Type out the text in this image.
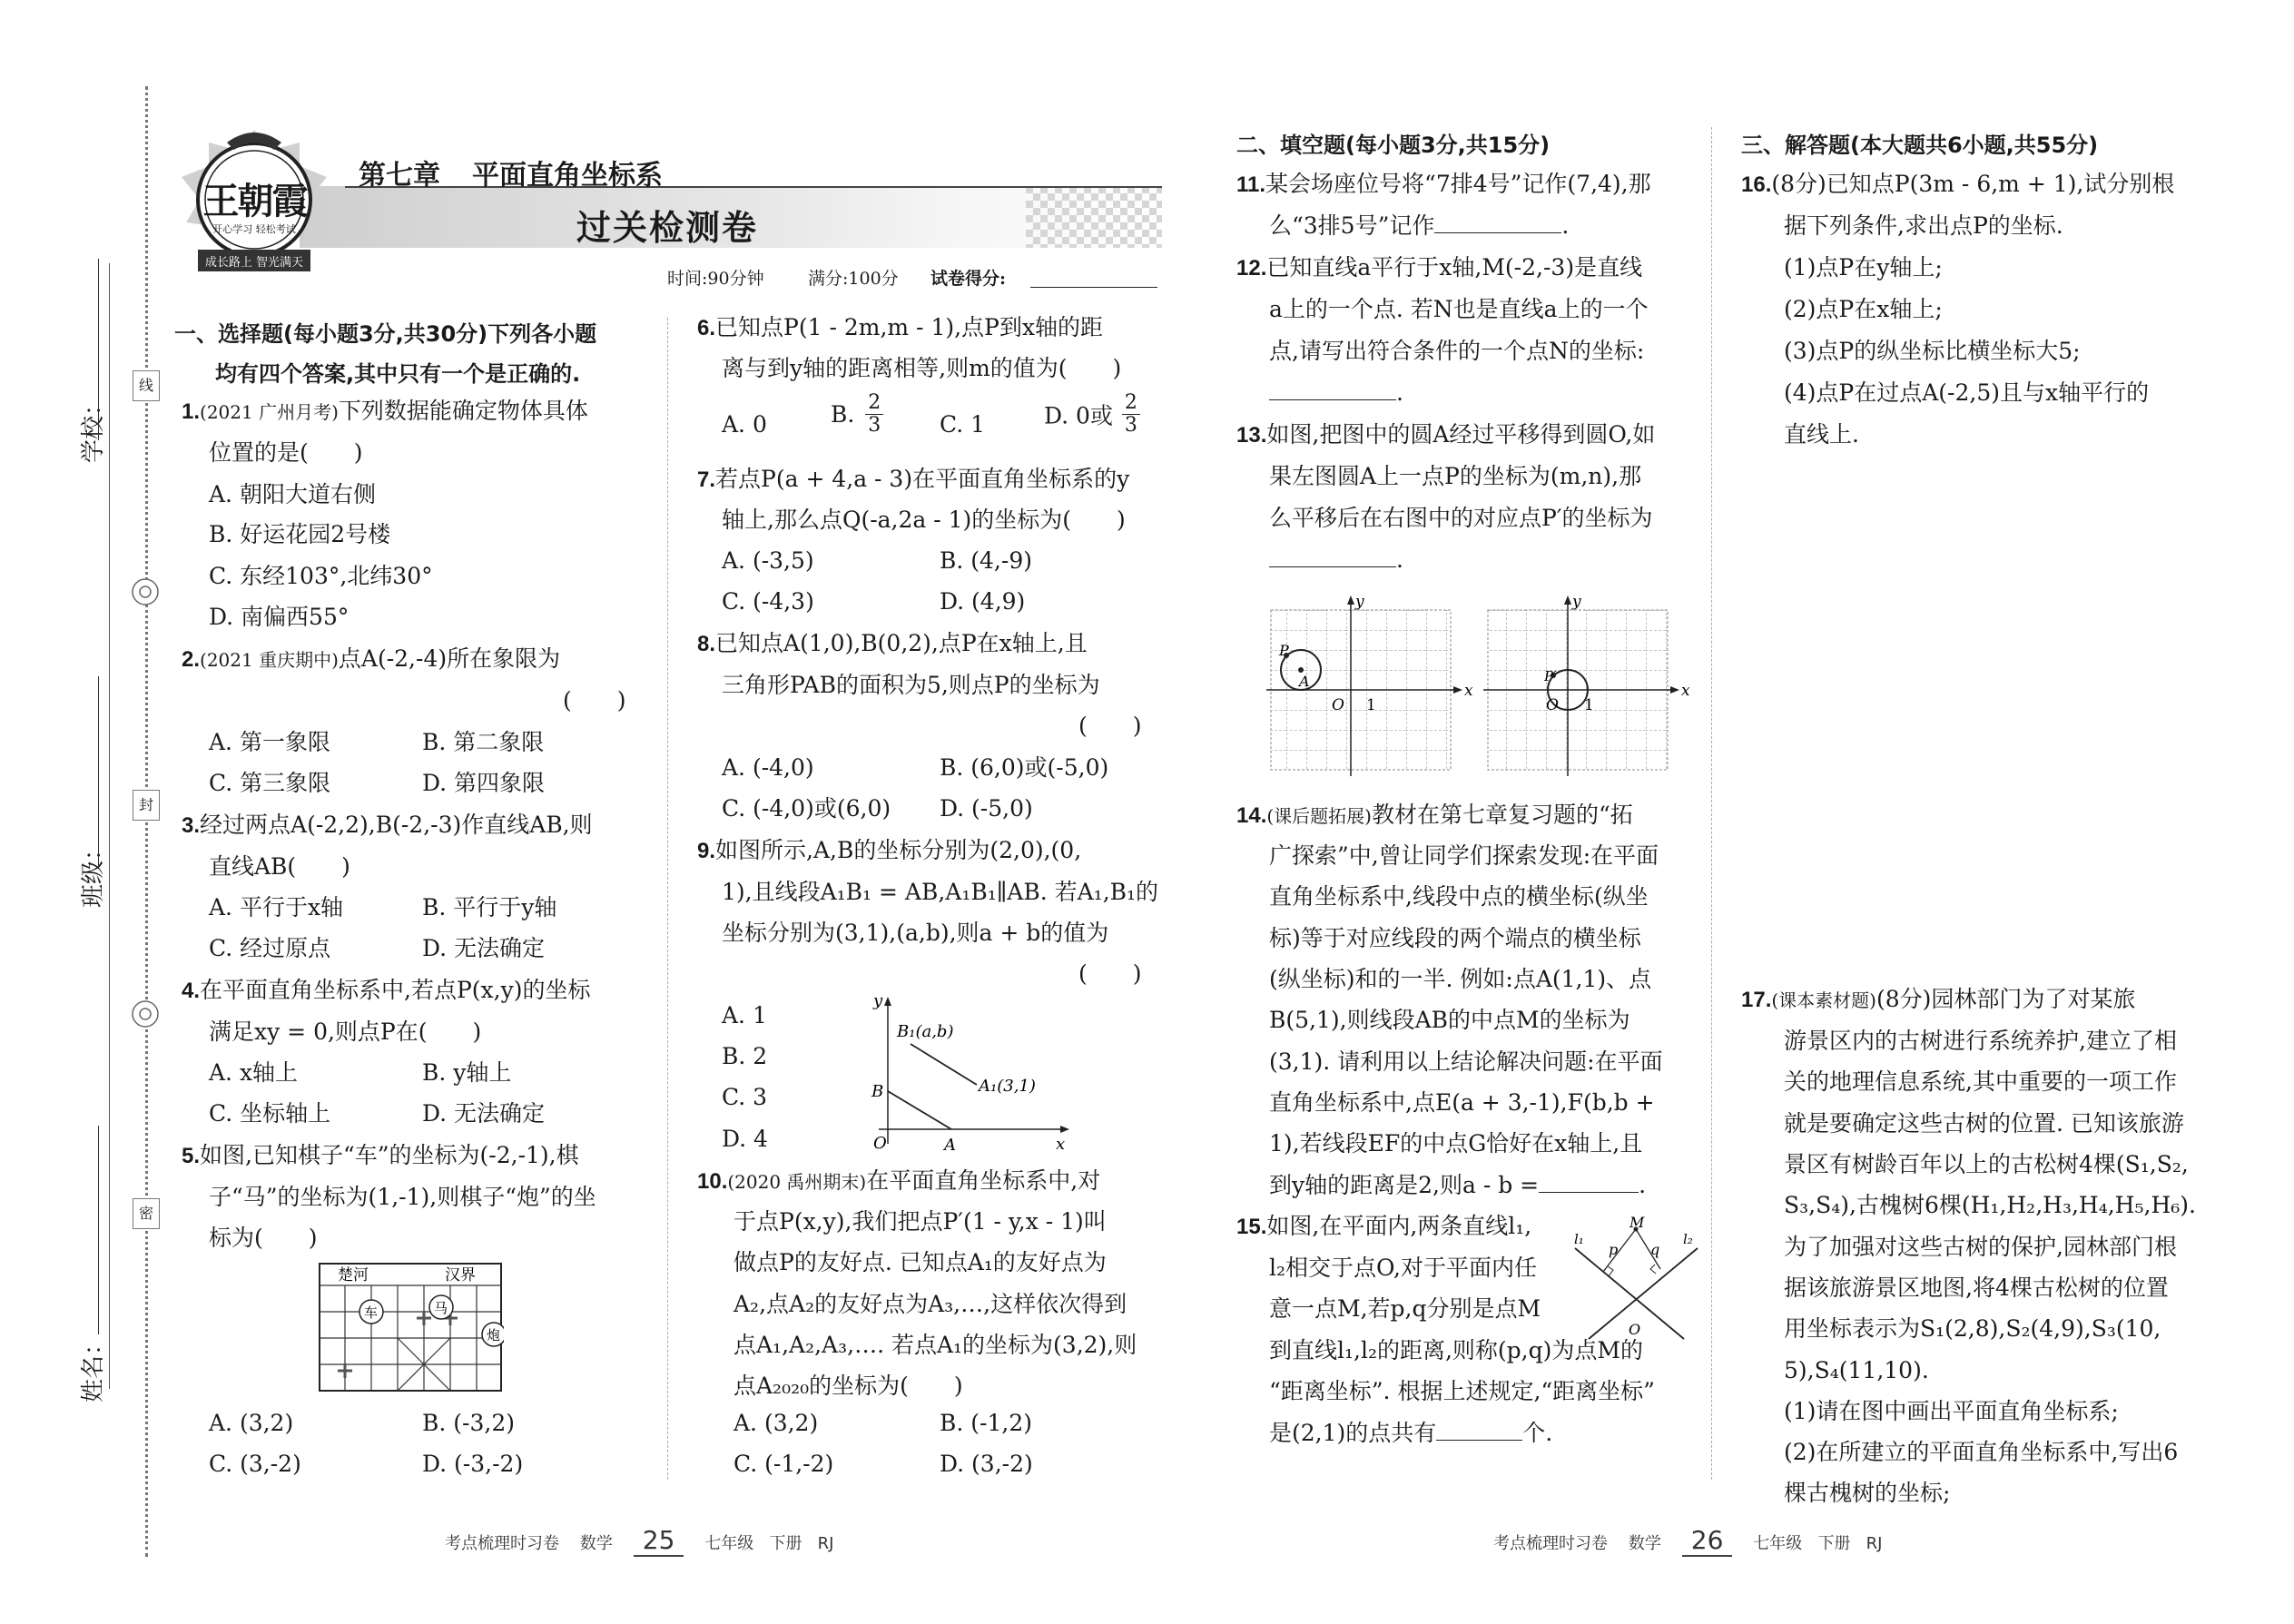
学校：
班级：
姓名：
线
封
密
王朝霞
开心学习 轻松考试
成长路上 智光满天
第七章 平面直角坐标系
过关检测卷
时间:90分钟	满分:100分 试卷得分:
一、选择题(每小题3分,共30分)下列各小题
均有四个答案,其中只有一个是正确的.
1.(2021 广州月考)下列数据能确定物体具体
位置的是(　　)
A. 朝阳大道右侧
B. 好运花园2号楼
C. 东经103°,北纬30°
D. 南偏西55°
2.(2021 重庆期中)点A(-2,-4)所在象限为
(　　)
A. 第一象限	B. 第二象限
C. 第三象限	D. 第四象限
3.经过两点A(-2,2),B(-2,-3)作直线AB,则
直线AB(　　)
A. 平行于x轴	B. 平行于y轴
C. 经过原点	D. 无法确定
4.在平面直角坐标系中,若点P(x,y)的坐标
满足xy = 0,则点P在(　　)
A. x轴上	B. y轴上
C. 坐标轴上	D. 无法确定
5.如图,已知棋子“车”的坐标为(-2,-1),棋
子“马”的坐标为(1,-1),则棋子“炮”的坐
标为(　　)
楚河	汉界
车	马
炮
A. (3,2)	B. (-3,2)
C. (3,-2)	D. (-3,-2)
6.已知点P(1 - 2m,m - 1),点P到x轴的距
离与到y轴的距离相等,则m的值为(　　)
A. 0	B. $\frac{2}{3} C$. 1	D. 0或 $\frac{2}{3}$
7.若点P(a + 4,a - 3)在平面直角坐标系的y
轴上,那么点Q(-a,2a - 1)的坐标为(　　)
A. (-3,5)	B. (4,-9)
C. (-4,3)	D. (4,9)
8.已知点A(1,0),B(0,2),点P在x轴上,且
三角形PAB的面积为5,则点P的坐标为
(　　)
A. (-4,0)	B. (6,0)或(-5,0)
C. (-4,0)或(6,0) D. (-5,0)
9.如图所示,A,B的坐标分别为(2,0),(0,
1),且线段A₁B₁ = AB,A₁B₁∥AB. 若A₁,B₁的
坐标分别为(3,1),(a,b),则a + b的值为
(　　)
A. 1
B. 2
C. 3
D. 4
y
x
O
B
A
B₁(a,b)
A₁(3,1)
10.(2020 禹州期末)在平面直角坐标系中,对
于点P(x,y),我们把点P′(1 - y,x - 1)叫
做点P的友好点. 已知点A₁的友好点为
A₂,点A₂的友好点为A₃,…,这样依次得到
点A₁,A₂,A₃,…. 若点A₁的坐标为(3,2),则
点A₂₀₂₀的坐标为(　　)
A. (3,2)	B. (-1,2)
C. (-1,-2)	D. (3,-2)
考点梳理时习卷 数学 25 七年级 下册 RJ
二、填空题(每小题3分,共15分)
11.某会场座位号将“7排4号”记作(7,4),那
么“3排5号”记作	.
12.已知直线a平行于x轴,M(-2,-3)是直线
a上的一个点. 若N也是直线a上的一个
点,请写出符合条件的一个点N的坐标:
.
13.如图,把图中的圆A经过平移得到圆O,如
果左图圆A上一点P的坐标为(m,n),那
么平移后在右图中的对应点P′的坐标为
.
x
y
O 1
P
A
x
y
O 1
P′
14.(课后题拓展)教材在第七章复习题的“拓
广探索”中,曾让同学们探索发现:在平面
直角坐标系中,线段中点的横坐标(纵坐
标)等于对应线段的两个端点的横坐标
(纵坐标)和的一半. 例如:点A(1,1)、点
B(5,1),则线段AB的中点M的坐标为
(3,1). 请利用以上结论解决问题:在平面
直角坐标系中,点E(a + 3,-1),F(b,b +
1),若线段EF的中点G恰好在x轴上,且
到y轴的距离是2,则a - b =	.
15.如图,在平面内,两条直线l₁,
l₂相交于点O,对于平面内任
意一点M,若p,q分别是点M
到直线l₁,l₂的距离,则称(p,q)为点M的
“距离坐标”. 根据上述规定,“距离坐标”
是(2,1)的点共有	个.
M
p q
l₁	l₂
O
三、解答题(本大题共6小题,共55分)
16.(8分)已知点P(3m - 6,m + 1),试分别根
据下列条件,求出点P的坐标.
(1)点P在y轴上;
(2)点P在x轴上;
(3)点P的纵坐标比横坐标大5;
(4)点P在过点A(-2,5)且与x轴平行的
直线上.
17.(课本素材题)(8分)园林部门为了对某旅
游景区内的古树进行系统养护,建立了相
关的地理信息系统,其中重要的一项工作
就是要确定这些古树的位置. 已知该旅游
景区有树龄百年以上的古松树4棵(S₁,S₂,
S₃,S₄),古槐树6棵(H₁,H₂,H₃,H₄,H₅,H₆).
为了加强对这些古树的保护,园林部门根
据该旅游景区地图,将4棵古松树的位置
用坐标表示为S₁(2,8),S₂(4,9),S₃(10,
5),S₄(11,10).
(1)请在图中画出平面直角坐标系;
(2)在所建立的平面直角坐标系中,写出6
棵古槐树的坐标;
考点梳理时习卷 数学 26 七年级 下册 RJ
